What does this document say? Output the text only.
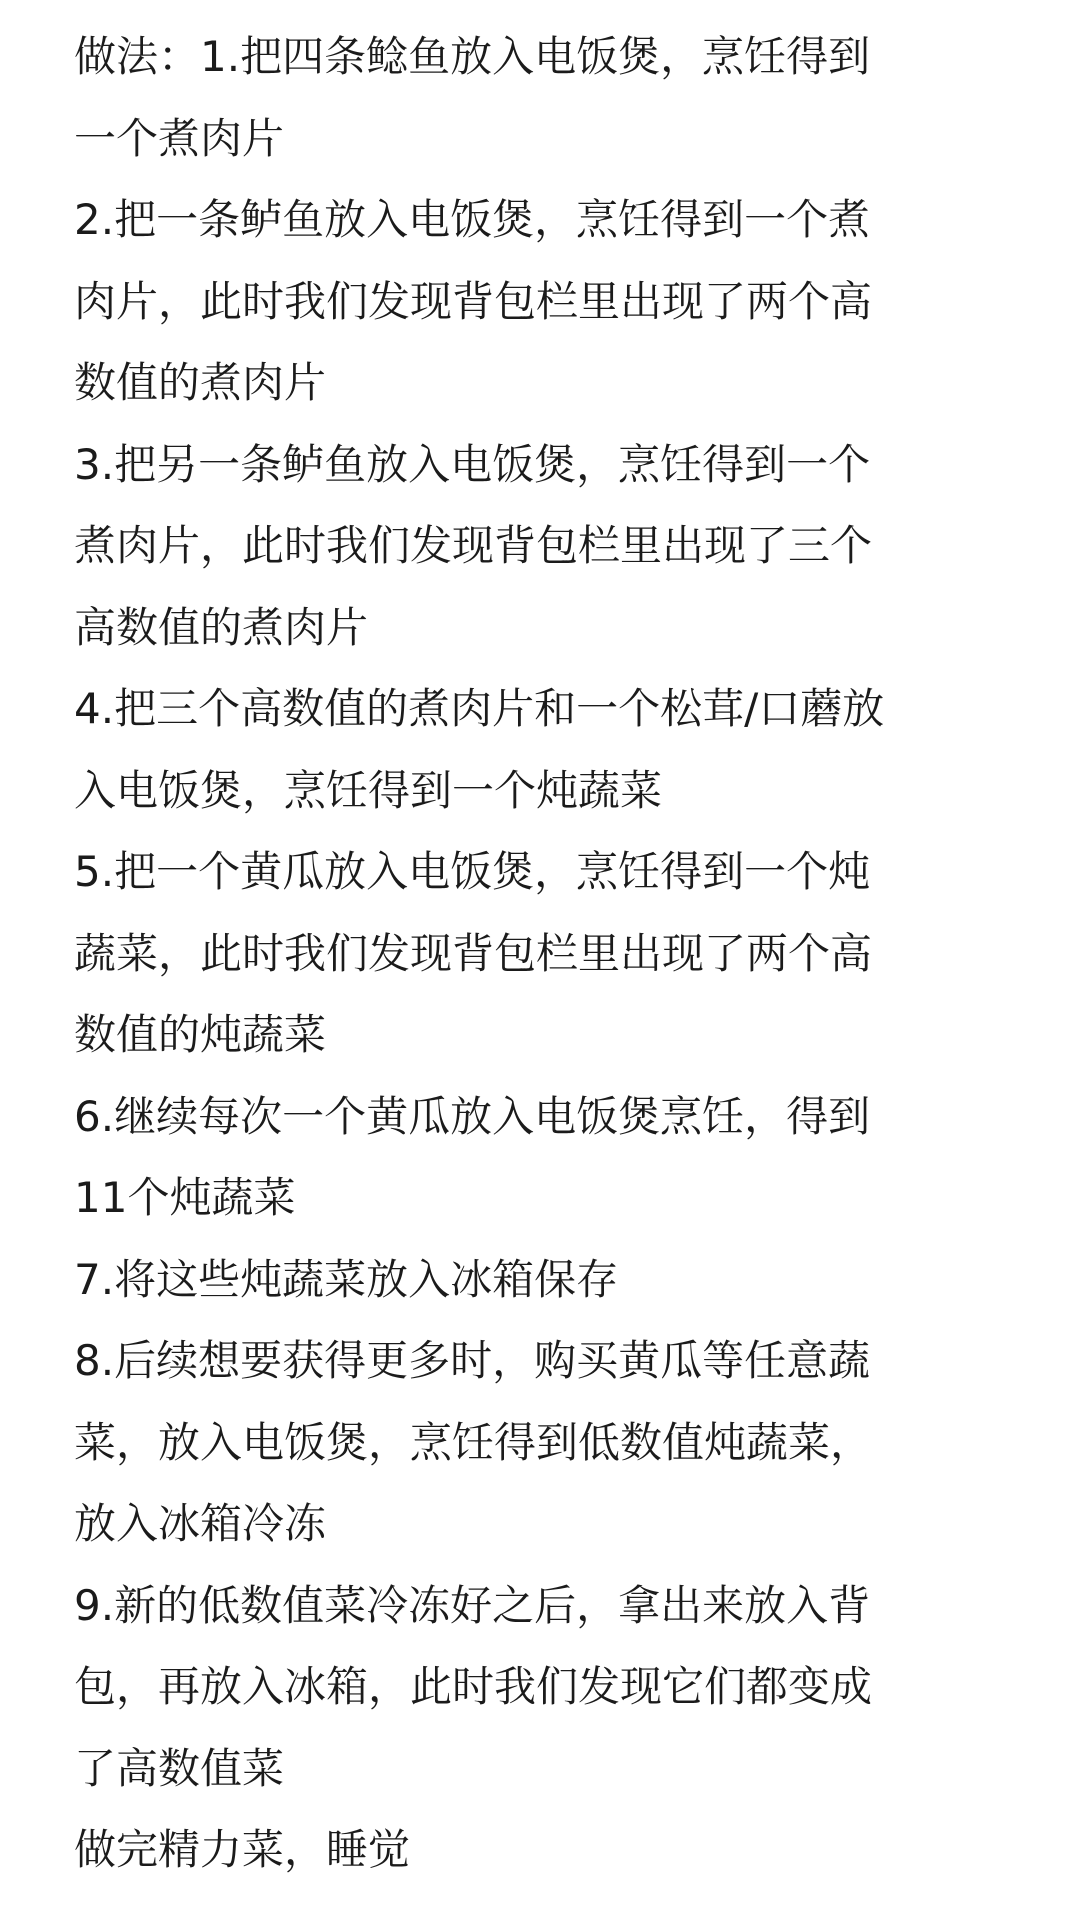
做法：1.把四条鲶鱼放入电饭煲，烹饪得到
一个煮肉片
2.把一条鲈鱼放入电饭煲，烹饪得到一个煮
肉片，此时我们发现背包栏里出现了两个高
数值的煮肉片
3.把另一条鲈鱼放入电饭煲，烹饪得到一个
煮肉片，此时我们发现背包栏里出现了三个
高数值的煮肉片
4.把三个高数值的煮肉片和一个松茸/口蘑放
入电饭煲，烹饪得到一个炖蔬菜
5.把一个黄瓜放入电饭煲，烹饪得到一个炖
蔬菜，此时我们发现背包栏里出现了两个高
数值的炖蔬菜
6.继续每次一个黄瓜放入电饭煲烹饪，得到
11个炖蔬菜
7.将这些炖蔬菜放入冰箱保存
8.后续想要获得更多时，购买黄瓜等任意蔬
菜，放入电饭煲，烹饪得到低数值炖蔬菜，
放入冰箱冷冻
9.新的低数值菜冷冻好之后，拿出来放入背
包，再放入冰箱，此时我们发现它们都变成
了高数值菜
做完精力菜，睡觉
